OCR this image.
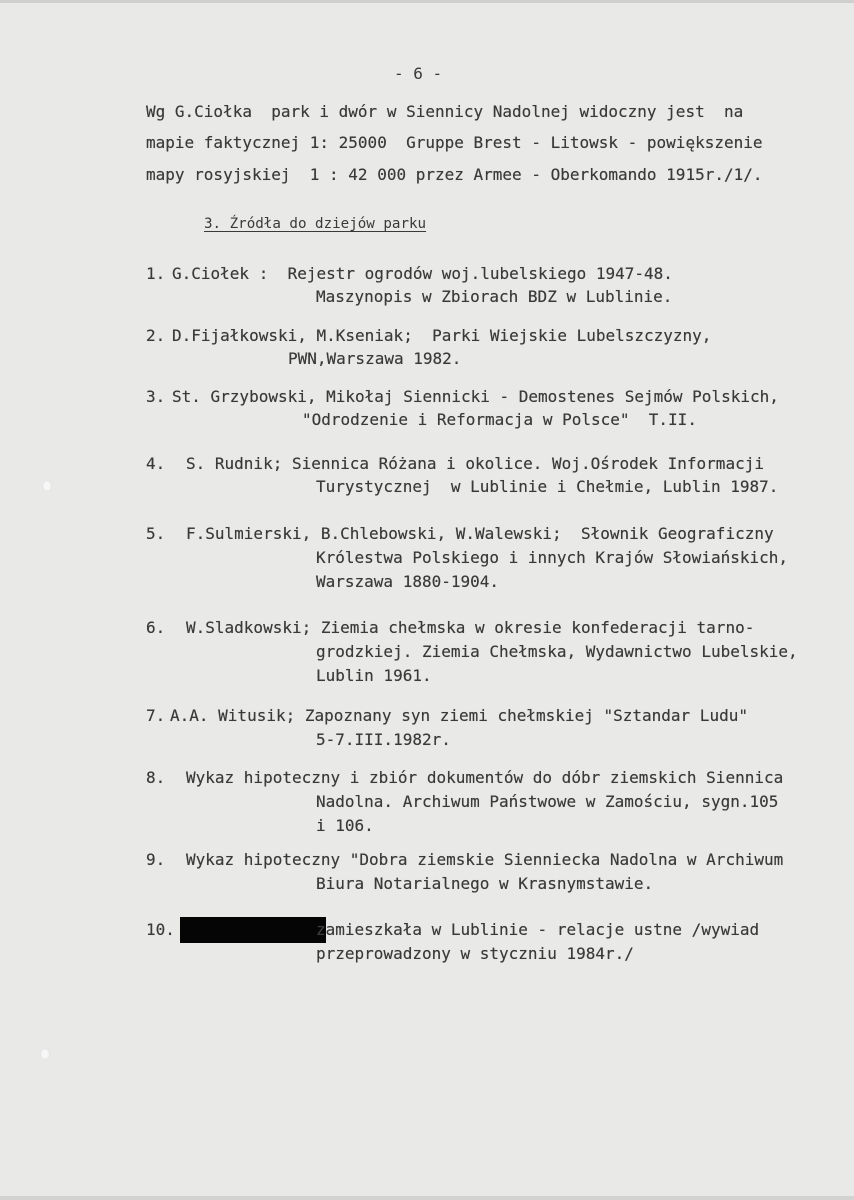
- 6 -
Wg G.Ciołka  park i dwór w Siennicy Nadolnej widoczny jest  na
mapie faktycznej 1: 25000  Gruppe Brest - Litowsk - powiększenie
mapy rosyjskiej  1 : 42 000 przez Armee - Oberkomando 1915r./1/.
3._Źródła do dziejów parku
1. G.Ciołek :  Rejestr ogrodów woj.lubelskiego 1947-48.
Maszynopis w Zbiorach BDZ w Lublinie.
2. D.Fijałkowski, M.Kseniak;  Parki Wiejskie Lubelszczyzny,
PWN,Warszawa 1982.
3. St. Grzybowski, Mikołaj Siennicki - Demostenes Sejmów Polskich,
"Odrodzenie i Reformacja w Polsce"  T.II.
4. S. Rudnik; Siennica Różana i okolice. Woj.Ośrodek Informacji
Turystycznej  w Lublinie i Chełmie, Lublin 1987.
5. F.Sulmierski, B.Chlebowski, W.Walewski;  Słownik Geograficzny
Królestwa Polskiego i innych Krajów Słowiańskich,
Warszawa 1880-1904.
6. W.Sladkowski; Ziemia chełmska w okresie konfederacji tarno-
grodzkiej. Ziemia Chełmska, Wydawnictwo Lubelskie,
Lublin 1961.
7. A.A. Witusik; Zapoznany syn ziemi chełmskiej "Sztandar Ludu"
5-7.III.1982r.
8. Wykaz hipoteczny i zbiór dokumentów do dóbr ziemskich Siennica
Nadolna. Archiwum Państwowe w Zamościu, sygn.105
i 106.
9. Wykaz hipoteczny "Dobra ziemskie Sienniecka Nadolna w Archiwum
Biura Notarialnego w Krasnymstawie.
10.	zamieszkała w Lublinie - relacje ustne /wywiad
przeprowadzony w styczniu 1984r./
